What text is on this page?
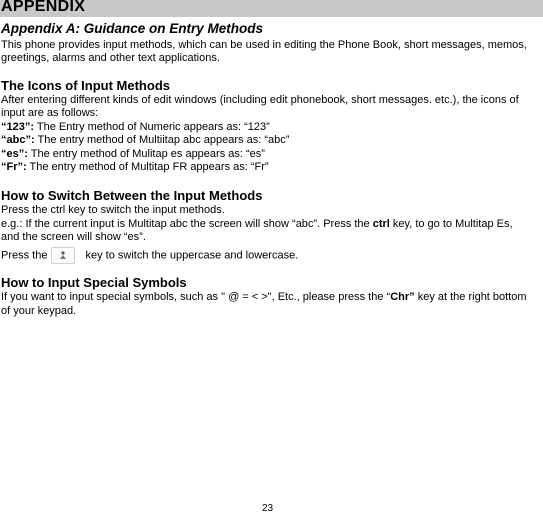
APPENDIX
Appendix A: Guidance on Entry Methods
This phone provides input methods, which can be used in editing the Phone Book, short messages, memos,
greetings, alarms and other text applications.
The Icons of Input Methods
After entering different kinds of edit windows (including edit phonebook, short messages. etc.), the icons of
input are as follows:
“123”: The Entry method of Numeric appears as: “123”
“abc”: The entry method of Multiitap abc appears as: “abc”
“es”: The entry method of Mulitap es appears as: “es”
“Fr”: The entry method of Multitap FR appears as: “Fr”
How to Switch Between the Input Methods
Press the ctrl key to switch the input methods.
e.g.: If the current input is Multitap abc the screen will show “abc”. Press the ctrl key, to go to Multitap Es,
and the screen will show “es”.
Press the	key to switch the uppercase and lowercase.
How to Input Special Symbols
If you want to input special symbols, such as " @ = < >", Etc., please press the “Chr” key at the right bottom
of your keypad.
23
